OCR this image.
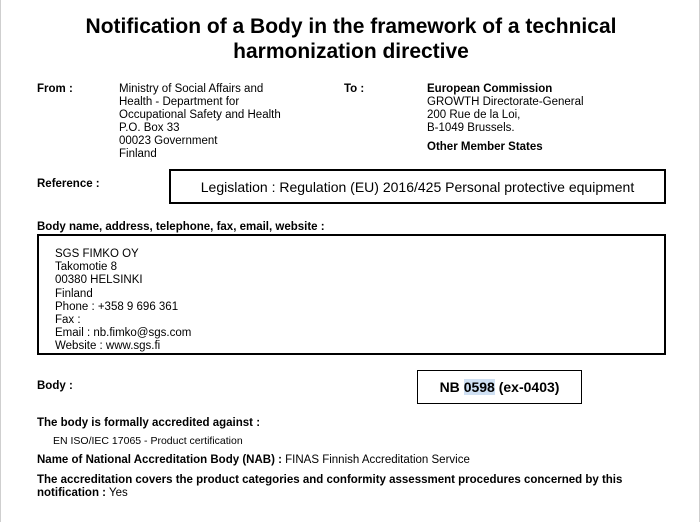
Notification of a Body in the framework of a technical
harmonization directive
From :	Ministry of Social Affairs and
Health - Department for
Occupational Safety and Health
P.O. Box 33
00023 Government
Finland
To :	European Commission
GROWTH Directorate-General
200 Rue de la Loi,
B-1049 Brussels.
Other Member States
Reference :	Legislation : Regulation (EU) 2016/425 Personal protective equipment
Body name, address, telephone, fax, email, website :
SGS FIMKO OY
Takomotie 8
00380 HELSINKI
Finland
Phone : +358 9 696 361
Fax :
Email : nb.fimko@sgs.com
Website : www.sgs.fi
Body :	NB 0598 (ex-0403)
The body is formally accredited against :
EN ISO/IEC 17065 - Product certification
Name of National Accreditation Body (NAB) : FINAS Finnish Accreditation Service
The accreditation covers the product categories and conformity assessment procedures concerned by this
notification : Yes
